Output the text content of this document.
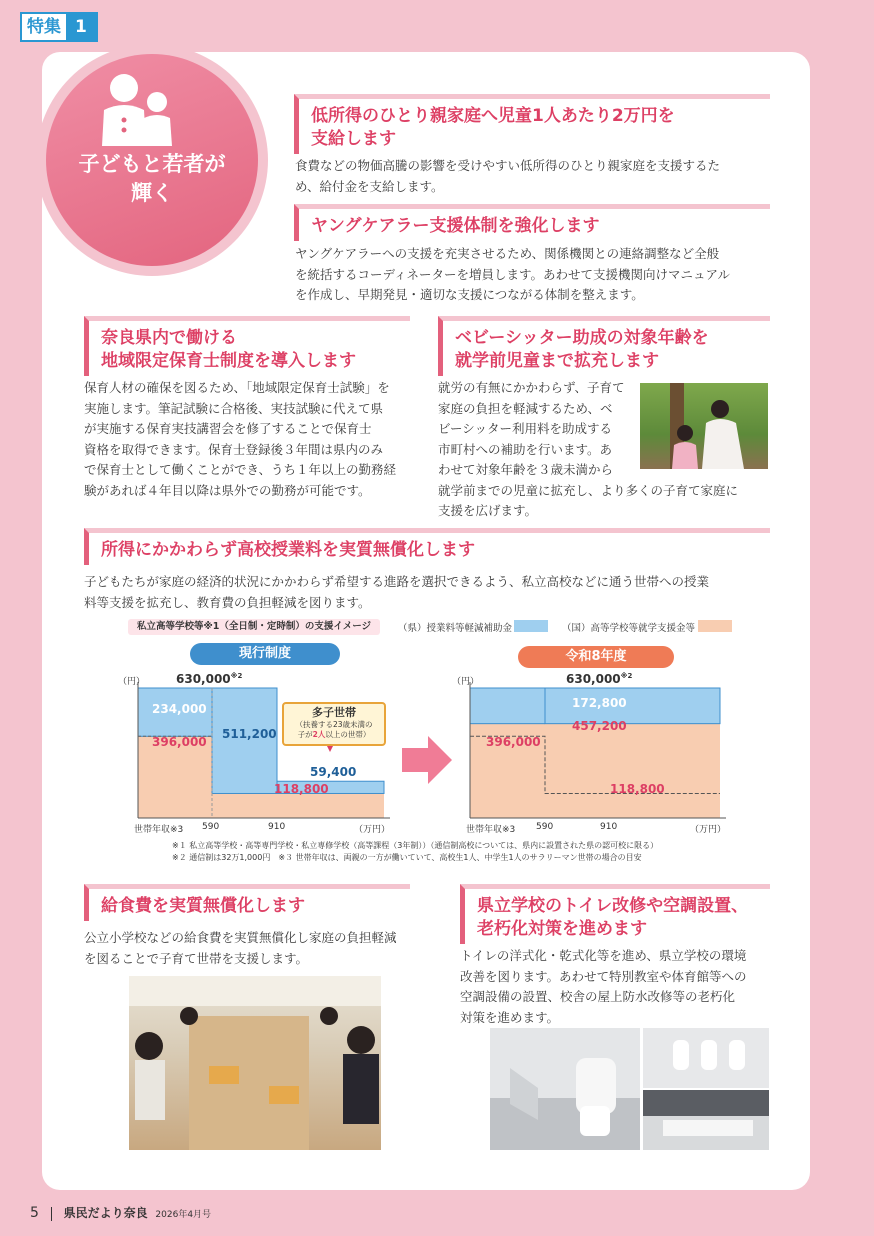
特集 1
子どもと若者が
輝く
低所得のひとり親家庭へ児童1人あたり2万円を
支給します
食費などの物価高騰の影響を受けやすい低所得のひとり親家庭を支援するた
め、給付金を支給します。
ヤングケアラー支援体制を強化します
ヤングケアラーへの支援を充実させるため、関係機関との連絡調整など全般
を統括するコーディネーターを増員します。あわせて支援機関向けマニュアル
を作成し、早期発見・適切な支援につながる体制を整えます。
奈良県内で働ける
地域限定保育士制度を導入します
保育人材の確保を図るため、「地域限定保育士試験」を
実施します。筆記試験に合格後、実技試験に代えて県
が実施する保育実技講習会を修了することで保育士
資格を取得できます。保育士登録後３年間は県内のみ
で保育士として働くことができ、うち１年以上の勤務経
験があれば４年目以降は県外での勤務が可能です。
ベビーシッター助成の対象年齢を
就学前児童まで拡充します
就労の有無にかかわらず、子育て
家庭の負担を軽減するため、ベ
ビーシッター利用料を助成する
市町村への補助を行います。あ
わせて対象年齢を３歳未満から
就学前までの児童に拡充し、より多くの子育て家庭に
支援を広げます。
所得にかかわらず高校授業料を実質無償化します
子どもたちが家庭の経済的状況にかかわらず希望する進路を選択できるよう、私立高校などに通う世帯への授業
料等支援を拡充し、教育費の負担軽減を図ります。
私立高等学校等※1（全日制・定時制）の支援イメージ	（県）授業料等軽減補助金	（国）高等学校等就学支援金等
現行制度	令和8年度
（円）	630,000$^{※2}$
234,000
396,000
511,200
59,400
118,800
多子世帯
（扶養する23歳未満の
子が2人以上の世帯）
世帯年収※3 590	910	（万円）
（円）	630,000$^{※2}$
172,800
457,200
396,000
118,800
世帯年収※3 590	910	（万円）
※１ 私立高等学校・高等専門学校・私立専修学校（高等課程（3年制））（通信制高校については、県内に設置された県の認可校に限る）
※２ 通信制は32万1,000円　※３ 世帯年収は、両親の一方が働いていて、高校生1人、中学生1人のサラリーマン世帯の場合の目安
給食費を実質無償化します
公立小学校などの給食費を実質無償化し家庭の負担軽減
を図ることで子育て世帯を支援します。
県立学校のトイレ改修や空調設置、
老朽化対策を進めます
トイレの洋式化・乾式化等を進め、県立学校の環境
改善を図ります。あわせて特別教室や体育館等への
空調設備の設置、校舎の屋上防水改修等の老朽化
対策を進めます。
5 県民だより奈良 2026年4月号
